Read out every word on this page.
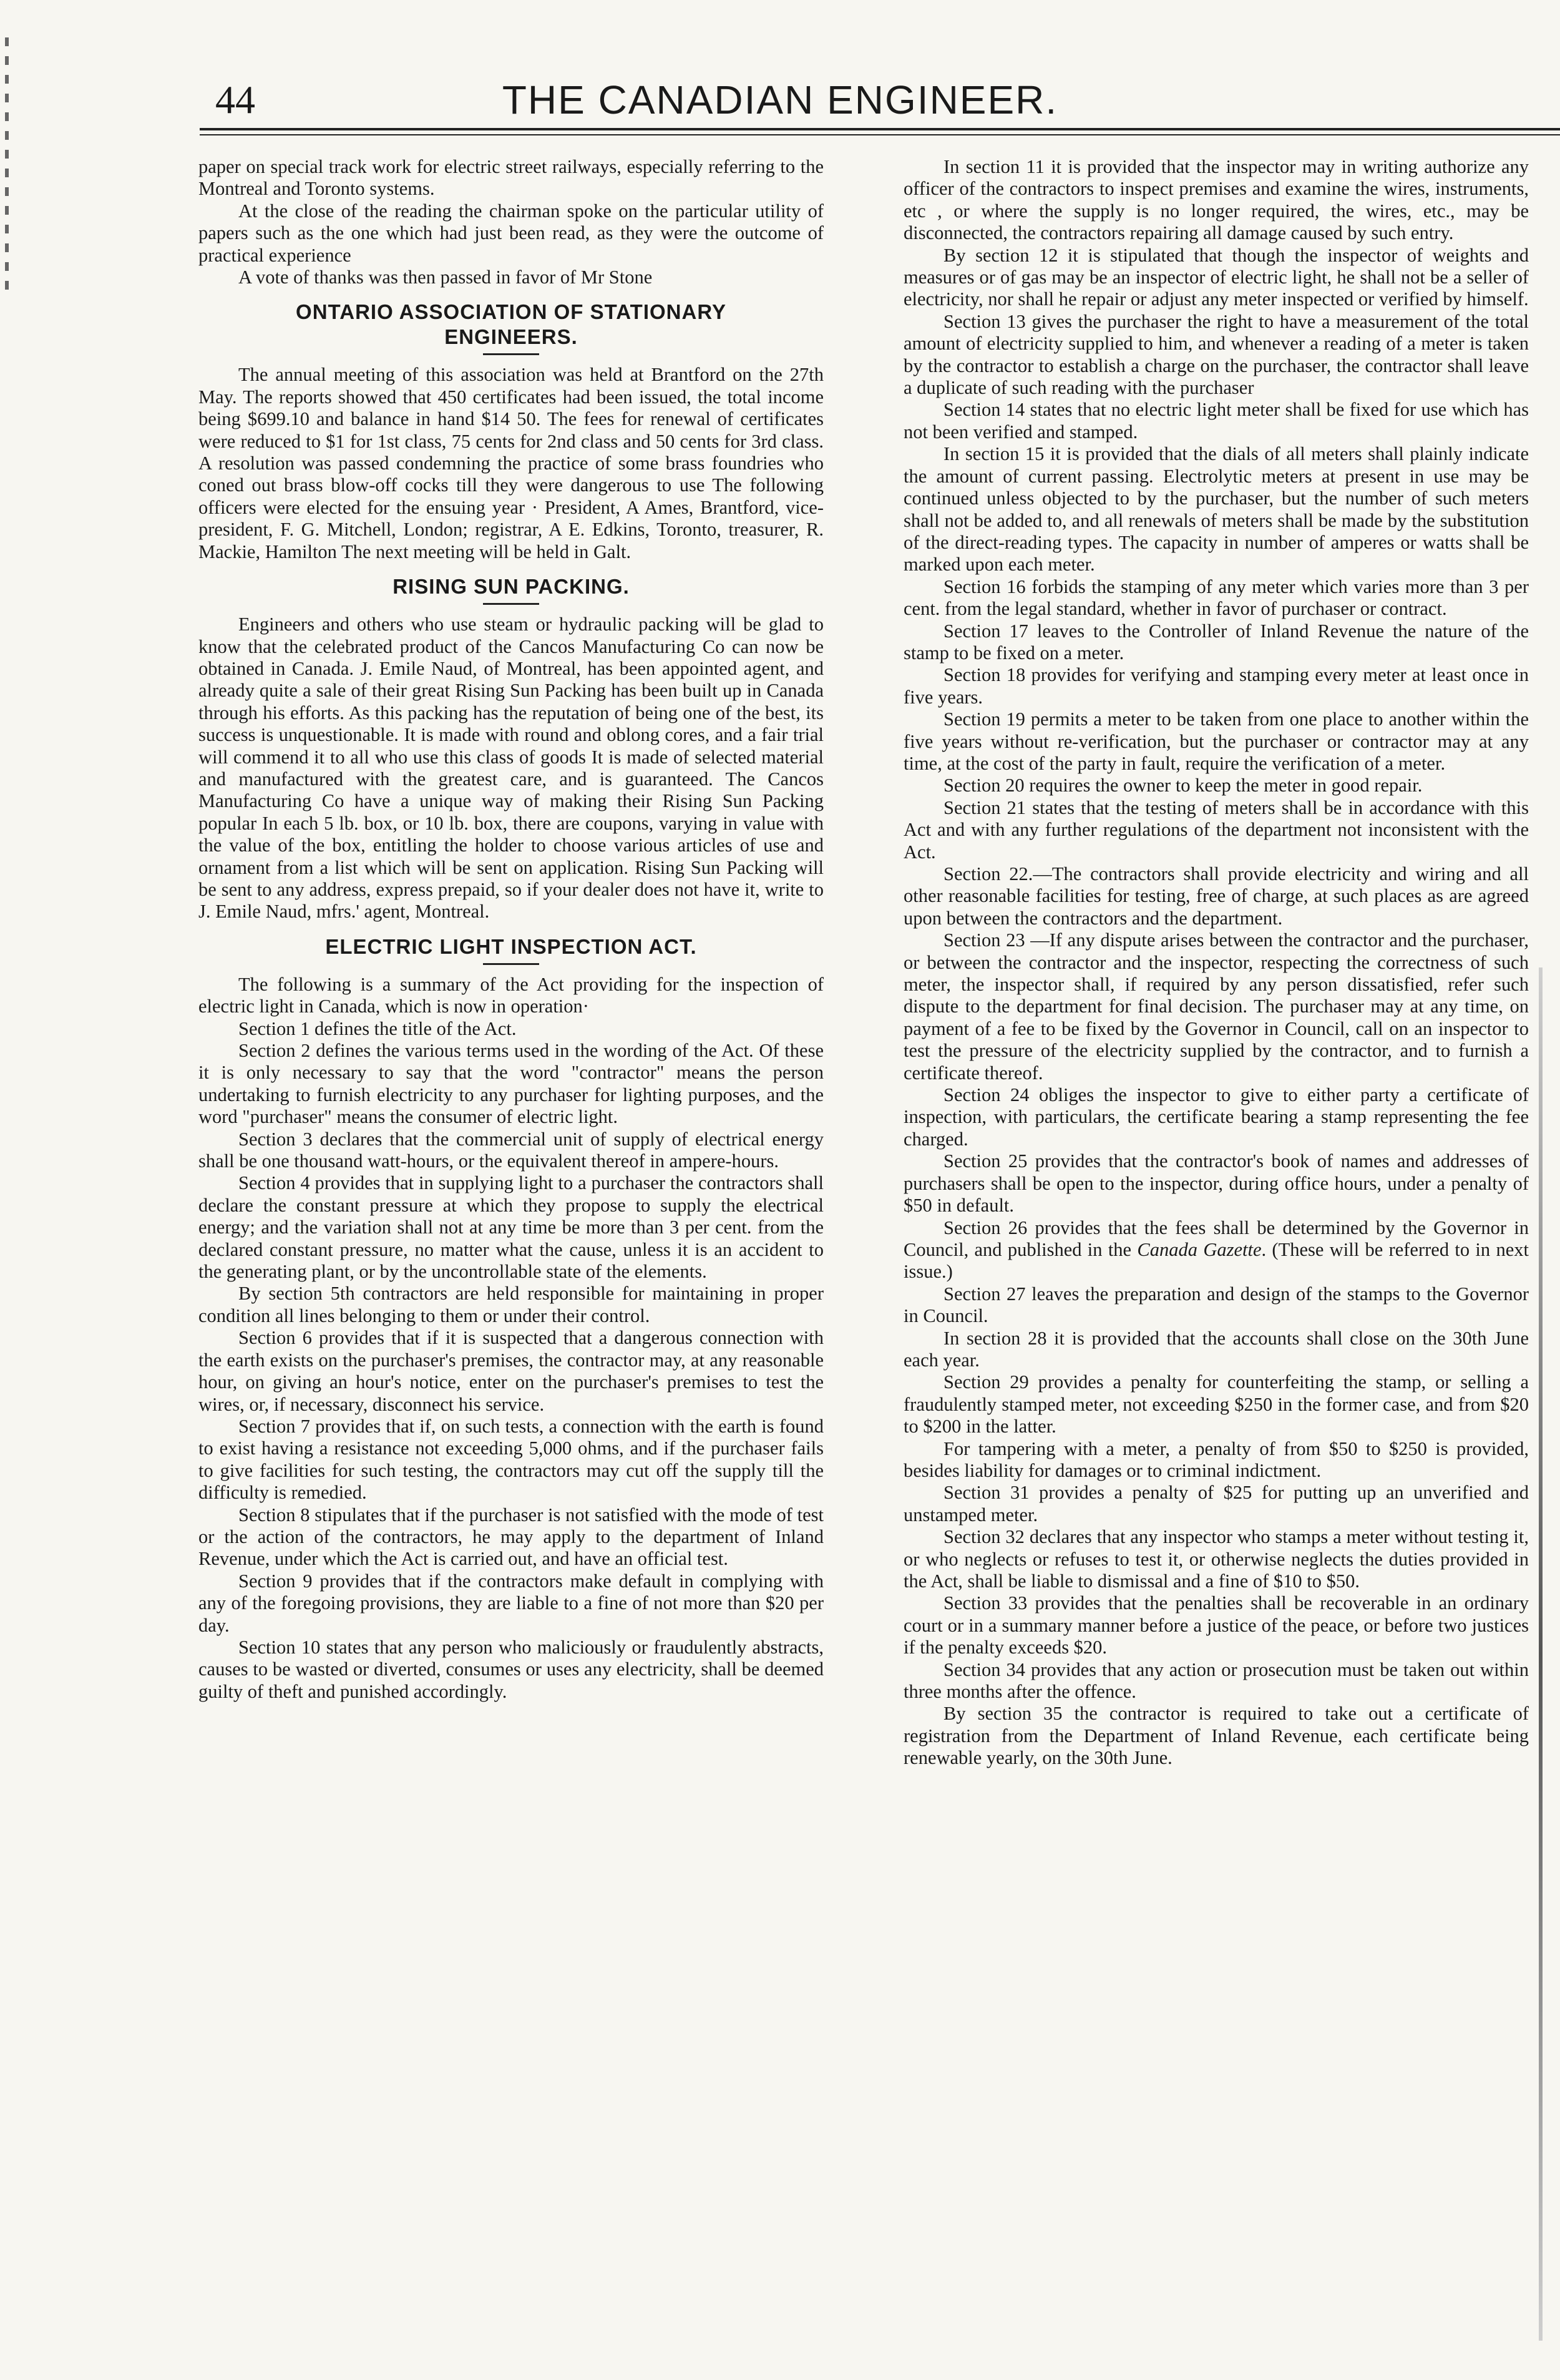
44	THE CANADIAN ENGINEER.

paper on special track work for electric street railways, especially referring to the Montreal and Toronto systems.

At the close of the reading the chairman spoke on the particular utility of papers such as the one which had just been read, as they were the outcome of practical experience

A vote of thanks was then passed in favor of Mr Stone

ONTARIO ASSOCIATION OF STATIONARY
ENGINEERS.

The annual meeting of this association was held at Brantford on the 27th May. The reports showed that 450 certificates had been issued, the total income being $699.10 and balance in hand $14 50. The fees for renewal of certificates were reduced to $1 for 1st class, 75 cents for 2nd class and 50 cents for 3rd class. A resolution was passed condemning the practice of some brass foundries who coned out brass blow-off cocks till they were dangerous to use The following officers were elected for the ensuing year · President, A Ames, Brantford, vice-president, F. G. Mitchell, London; registrar, A E. Edkins, Toronto, treasurer, R. Mackie, Hamilton The next meeting will be held in Galt.

RISING SUN PACKING.

Engineers and others who use steam or hydraulic packing will be glad to know that the celebrated product of the Cancos Manufacturing Co can now be obtained in Canada. J. Emile Naud, of Montreal, has been appointed agent, and already quite a sale of their great Rising Sun Packing has been built up in Canada through his efforts. As this packing has the reputation of being one of the best, its success is unquestionable. It is made with round and oblong cores, and a fair trial will commend it to all who use this class of goods It is made of selected material and manufactured with the greatest care, and is guaranteed. The Cancos Manufacturing Co have a unique way of making their Rising Sun Packing popular In each 5 lb. box, or 10 lb. box, there are coupons, varying in value with the value of the box, entitling the holder to choose various articles of use and ornament from a list which will be sent on application. Rising Sun Packing will be sent to any address, express prepaid, so if your dealer does not have it, write to J. Emile Naud, mfrs.' agent, Montreal.

ELECTRIC LIGHT INSPECTION ACT.

The following is a summary of the Act providing for the inspection of electric light in Canada, which is now in operation·

Section 1 defines the title of the Act.

Section 2 defines the various terms used in the wording of the Act. Of these it is only necessary to say that the word "contractor" means the person undertaking to furnish electricity to any purchaser for lighting purposes, and the word "purchaser" means the consumer of electric light.

Section 3 declares that the commercial unit of supply of electrical energy shall be one thousand watt-hours, or the equivalent thereof in ampere-hours.

Section 4 provides that in supplying light to a purchaser the contractors shall declare the constant pressure at which they propose to supply the electrical energy; and the variation shall not at any time be more than 3 per cent. from the declared constant pressure, no matter what the cause, unless it is an accident to the generating plant, or by the uncontrollable state of the elements.

By section 5th contractors are held responsible for maintaining in proper condition all lines belonging to them or under their control.

Section 6 provides that if it is suspected that a dangerous connection with the earth exists on the purchaser's premises, the contractor may, at any reasonable hour, on giving an hour's notice, enter on the purchaser's premises to test the wires, or, if necessary, disconnect his service.

Section 7 provides that if, on such tests, a connection with the earth is found to exist having a resistance not exceeding 5,000 ohms, and if the purchaser fails to give facilities for such testing, the contractors may cut off the supply till the difficulty is remedied.

Section 8 stipulates that if the purchaser is not satisfied with the mode of test or the action of the contractors, he may apply to the department of Inland Revenue, under which the Act is carried out, and have an official test.

Section 9 provides that if the contractors make default in complying with any of the foregoing provisions, they are liable to a fine of not more than $20 per day.

Section 10 states that any person who maliciously or fraudulently abstracts, causes to be wasted or diverted, consumes or uses any electricity, shall be deemed guilty of theft and punished accordingly.

In section 11 it is provided that the inspector may in writing authorize any officer of the contractors to inspect premises and examine the wires, instruments, etc , or where the supply is no longer required, the wires, etc., may be disconnected, the contractors repairing all damage caused by such entry.

By section 12 it is stipulated that though the inspector of weights and measures or of gas may be an inspector of electric light, he shall not be a seller of electricity, nor shall he repair or adjust any meter inspected or verified by himself.

Section 13 gives the purchaser the right to have a measurement of the total amount of electricity supplied to him, and whenever a reading of a meter is taken by the contractor to establish a charge on the purchaser, the contractor shall leave a duplicate of such reading with the purchaser

Section 14 states that no electric light meter shall be fixed for use which has not been verified and stamped.

In section 15 it is provided that the dials of all meters shall plainly indicate the amount of current passing. Electrolytic meters at present in use may be continued unless objected to by the purchaser, but the number of such meters shall not be added to, and all renewals of meters shall be made by the substitution of the direct-reading types. The capacity in number of amperes or watts shall be marked upon each meter.

Section 16 forbids the stamping of any meter which varies more than 3 per cent. from the legal standard, whether in favor of purchaser or contract.

Section 17 leaves to the Controller of Inland Revenue the nature of the stamp to be fixed on a meter.

Section 18 provides for verifying and stamping every meter at least once in five years.

Section 19 permits a meter to be taken from one place to another within the five years without re-verification, but the purchaser or contractor may at any time, at the cost of the party in fault, require the verification of a meter.

Section 20 requires the owner to keep the meter in good repair.

Section 21 states that the testing of meters shall be in accordance with this Act and with any further regulations of the department not inconsistent with the Act.

Section 22.—The contractors shall provide electricity and wiring and all other reasonable facilities for testing, free of charge, at such places as are agreed upon between the contractors and the department.

Section 23 —If any dispute arises between the contractor and the purchaser, or between the contractor and the inspector, respecting the correctness of such meter, the inspector shall, if required by any person dissatisfied, refer such dispute to the department for final decision. The purchaser may at any time, on payment of a fee to be fixed by the Governor in Council, call on an inspector to test the pressure of the electricity supplied by the contractor, and to furnish a certificate thereof.

Section 24 obliges the inspector to give to either party a certificate of inspection, with particulars, the certificate bearing a stamp representing the fee charged.

Section 25 provides that the contractor's book of names and addresses of purchasers shall be open to the inspector, during office hours, under a penalty of $50 in default.

Section 26 provides that the fees shall be determined by the Governor in Council, and published in the Canada Gazette. (These will be referred to in next issue.)

Section 27 leaves the preparation and design of the stamps to the Governor in Council.

In section 28 it is provided that the accounts shall close on the 30th June each year.

Section 29 provides a penalty for counterfeiting the stamp, or selling a fraudulently stamped meter, not exceeding $250 in the former case, and from $20 to $200 in the latter.

For tampering with a meter, a penalty of from $50 to $250 is provided, besides liability for damages or to criminal indictment.

Section 31 provides a penalty of $25 for putting up an unverified and unstamped meter.

Section 32 declares that any inspector who stamps a meter without testing it, or who neglects or refuses to test it, or otherwise neglects the duties provided in the Act, shall be liable to dismissal and a fine of $10 to $50.

Section 33 provides that the penalties shall be recoverable in an ordinary court or in a summary manner before a justice of the peace, or before two justices if the penalty exceeds $20.

Section 34 provides that any action or prosecution must be taken out within three months after the offence.

By section 35 the contractor is required to take out a certificate of registration from the Department of Inland Revenue, each certificate being renewable yearly, on the 30th June.
